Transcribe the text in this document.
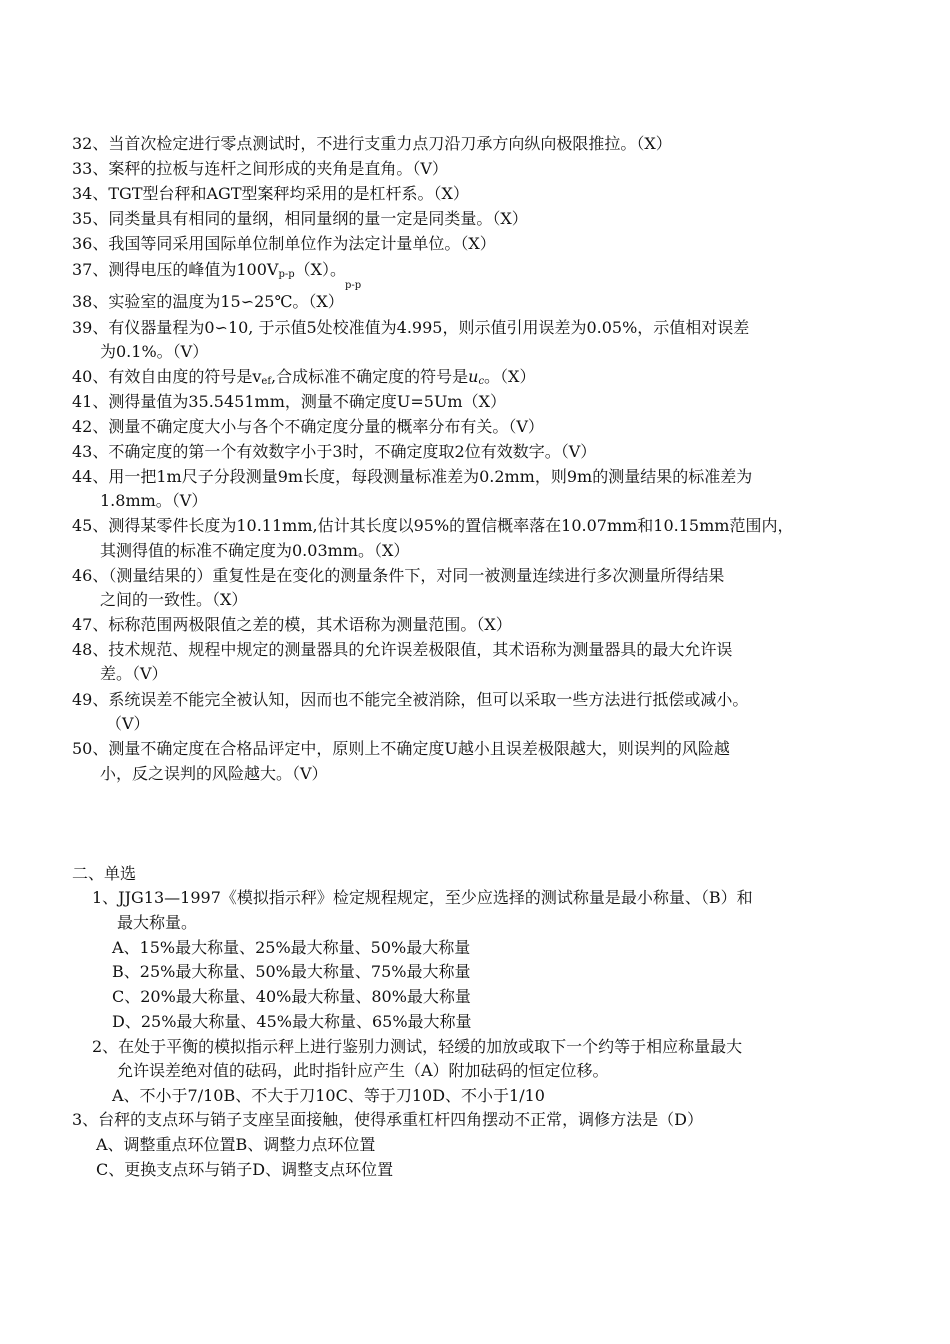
32、当首次检定进行零点测试时，不进行支重力点刀沿刀承方向纵向极限推拉。（X）
33、案秤的拉板与连杆之间形成的夹角是直角。（V）
34、TGT型台秤和AGT型案秤均采用的是杠杆系。（X）
35、同类量具有相同的量纲，相同量纲的量一定是同类量。（X）
36、我国等同采用国际单位制单位作为法定计量单位。（X）
37、测得电压的峰值为$100V_{p-p}(X)$。
p-p
38、实验室的温度为15∽25℃。（X）
39、有仪器量程为0∽10, 于示值5处校准值为4.995，则示值引用误差为0.05%，示值相对误差
为0.1%。（V）
40、有效自由度的符号是$v_{ef}$,合成标准不确定度的符号是$u_c$。（X）
41、测得量值为35.5451mm，测量不确定度U=5Um（X）
42、测量不确定度大小与各个不确定度分量的概率分布有关。（V）
43、不确定度的第一个有效数字小于3时，不确定度取2位有效数字。（V）
44、用一把1m尺子分段测量9m长度，每段测量标准差为0.2mm，则9m的测量结果的标准差为
1.8mm。（V）
45、测得某零件长度为10.11mm,估计其长度以95%的置信概率落在10.07mm和10.15mm范围内，
其测得值的标准不确定度为0.03mm。（X）
46、（测量结果的）重复性是在变化的测量条件下，对同一被测量连续进行多次测量所得结果
之间的一致性。（X）
47、标称范围两极限值之差的模，其术语称为测量范围。（X）
48、技术规范、规程中规定的测量器具的允许误差极限值，其术语称为测量器具的最大允许误
差。（V）
49、系统误差不能完全被认知，因而也不能完全被消除，但可以采取一些方法进行抵偿或减小。
（V）
50、测量不确定度在合格品评定中，原则上不确定度U越小且误差极限越大，则误判的风险越
小，反之误判的风险越大。（V）
二、单选
1、JJG13—1997《模拟指示秤》检定规程规定，至少应选择的测试称量是最小称量、（B）和
最大称量。
A、15%最大称量、25%最大称量、50%最大称量
B、25%最大称量、50%最大称量、75%最大称量
C、20%最大称量、40%最大称量、80%最大称量
D、25%最大称量、45%最大称量、65%最大称量
2、在处于平衡的模拟指示秤上进行鉴别力测试，轻缓的加放或取下一个约等于相应称量最大
允许误差绝对值的砝码，此时指针应产生（A）附加砝码的恒定位移。
A、不小于7/10B、不大于刀10C、等于刀10D、不小于1/10
3、台秤的支点环与销子支座呈面接触，使得承重杠杆四角摆动不正常，调修方法是（D）
A、调整重点环位置B、调整力点环位置
C、更换支点环与销子D、调整支点环位置
